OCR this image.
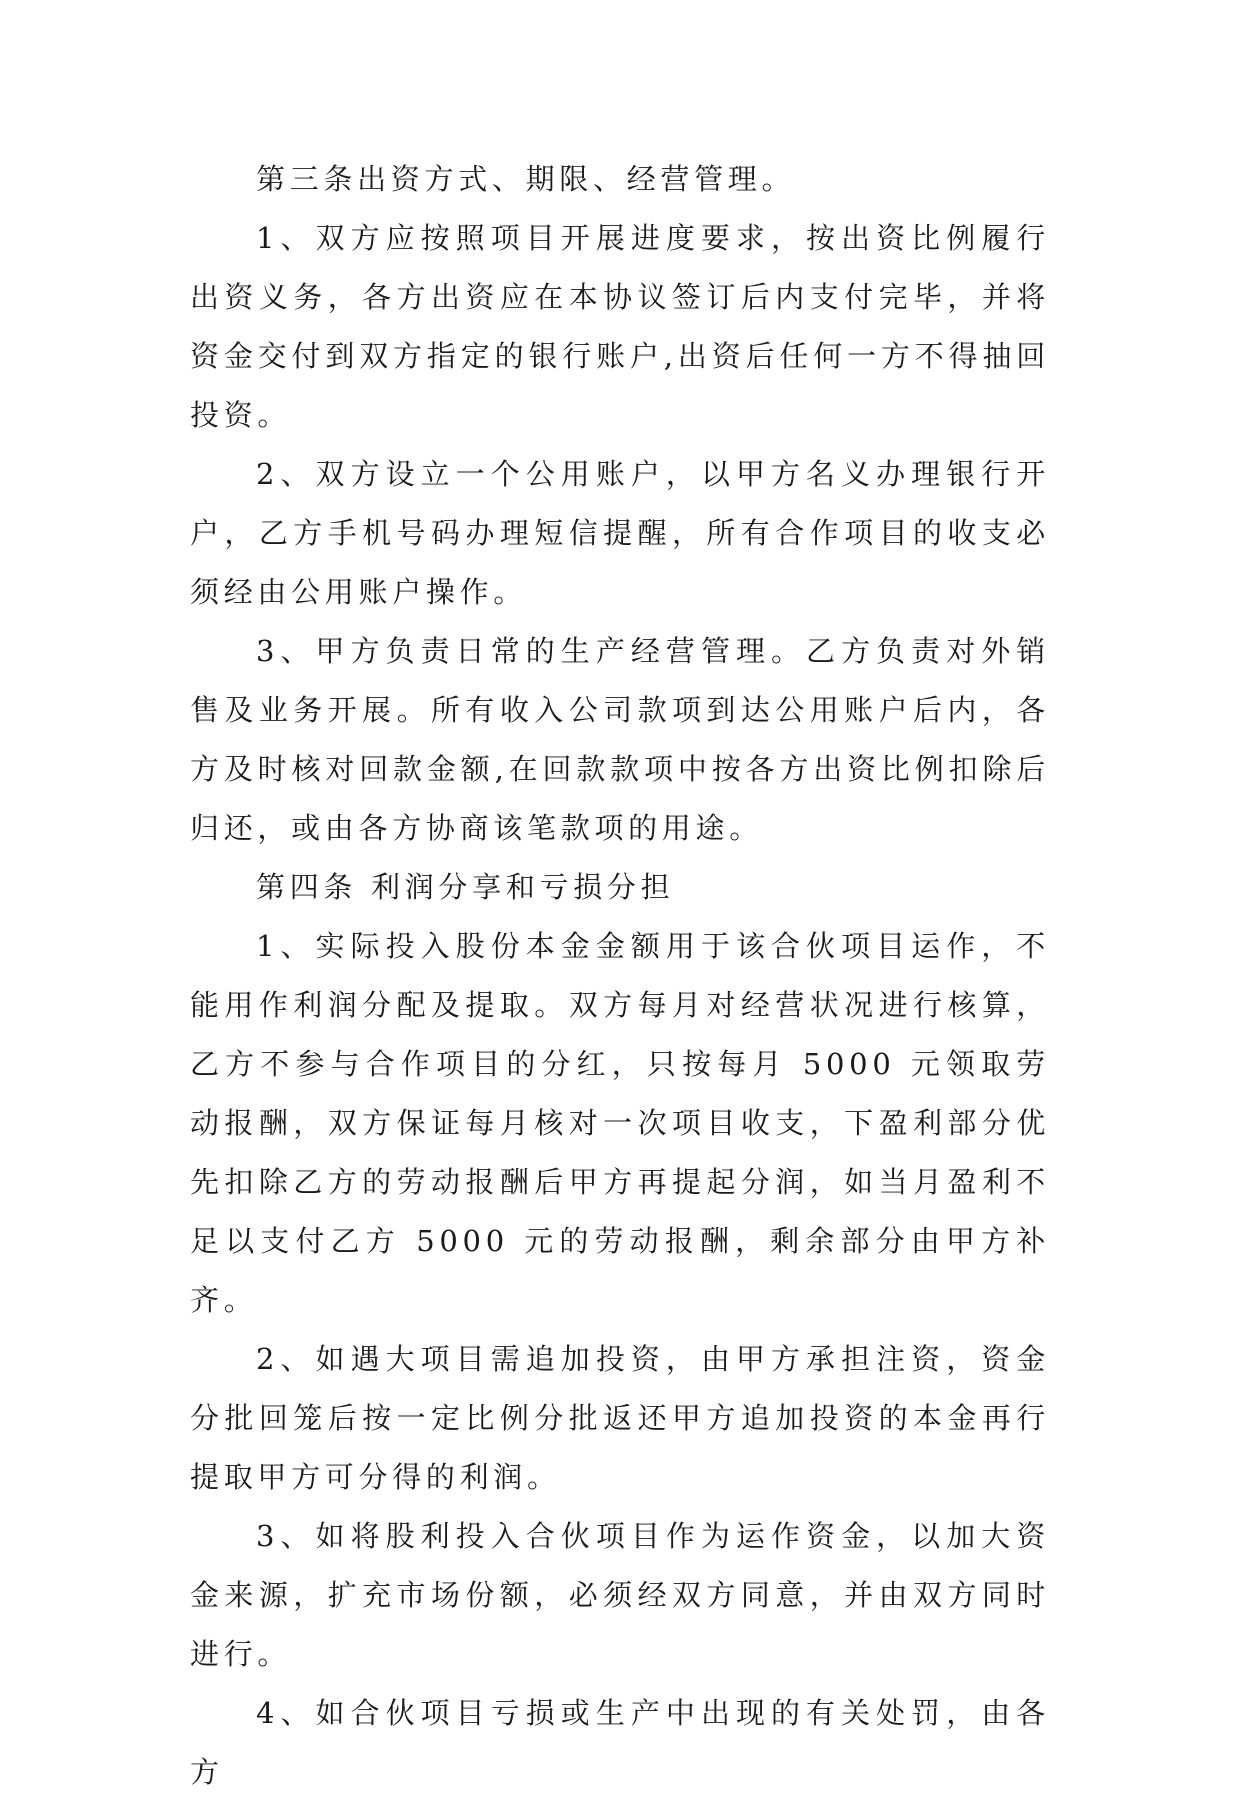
第三条出资方式、期限、经营管理。

1、双方应按照项目开展进度要求，按出资比例履行出资义务，各方出资应在本协议签订后内支付完毕，并将资金交付到双方指定的银行账户,出资后任何一方不得抽回投资。

2、双方设立一个公用账户，以甲方名义办理银行开户，乙方手机号码办理短信提醒，所有合作项目的收支必须经由公用账户操作。

3、甲方负责日常的生产经营管理。乙方负责对外销售及业务开展。所有收入公司款项到达公用账户后内，各方及时核对回款金额,在回款款项中按各方出资比例扣除后归还，或由各方协商该笔款项的用途。

第四条 利润分享和亏损分担

1、实际投入股份本金金额用于该合伙项目运作，不能用作利润分配及提取。双方每月对经营状况进行核算，乙方不参与合作项目的分红，只按每月 5000 元领取劳动报酬，双方保证每月核对一次项目收支，下盈利部分优先扣除乙方的劳动报酬后甲方再提起分润，如当月盈利不足以支付乙方 5000 元的劳动报酬，剩余部分由甲方补齐。

2、如遇大项目需追加投资，由甲方承担注资，资金分批回笼后按一定比例分批返还甲方追加投资的本金再行提取甲方可分得的利润。

3、如将股利投入合伙项目作为运作资金，以加大资金来源，扩充市场份额，必须经双方同意，并由双方同时进行。

4、如合伙项目亏损或生产中出现的有关处罚，由各方
